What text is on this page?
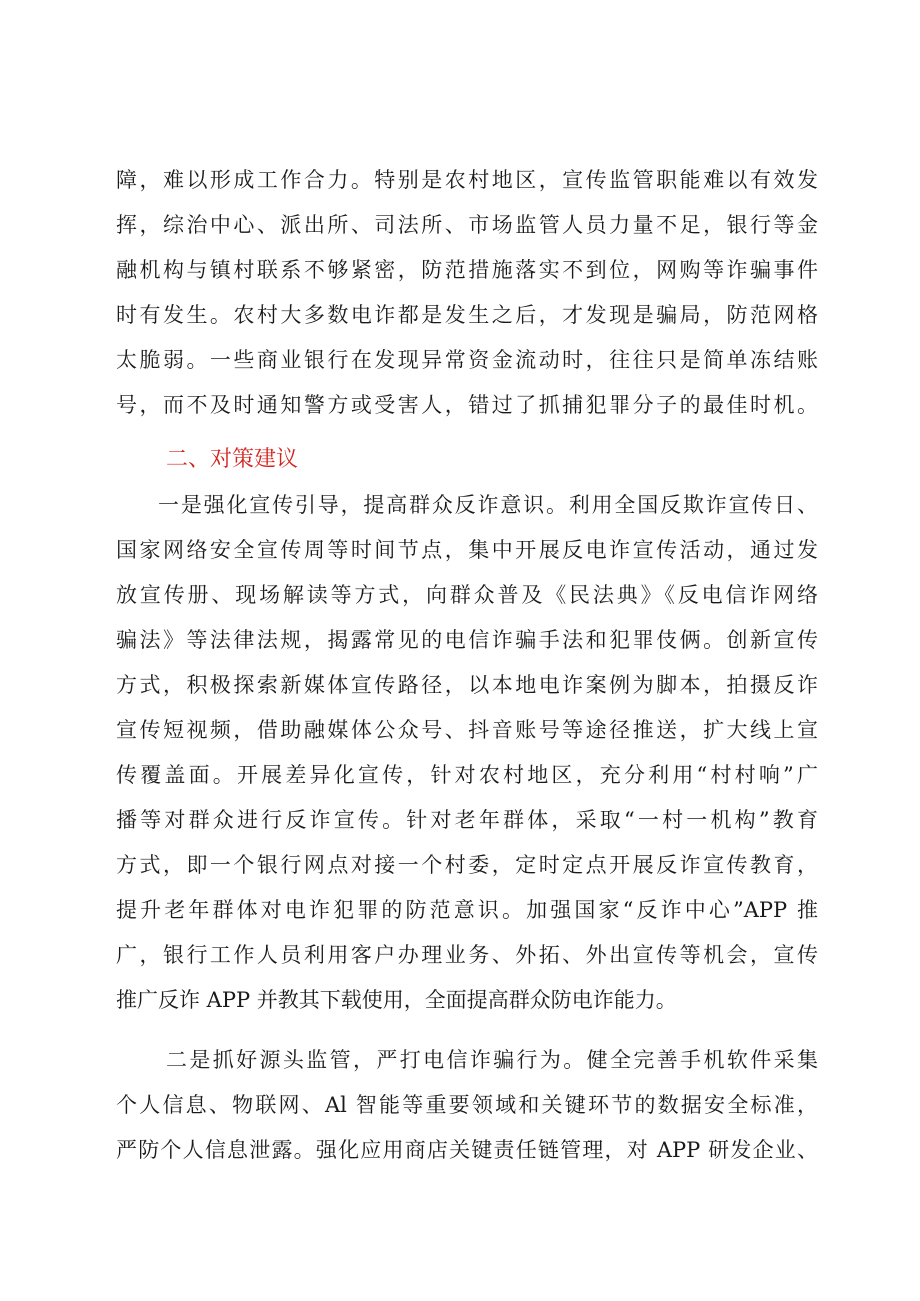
障，难以形成工作合力。特别是农村地区，宣传监管职能难以有效发
挥，综治中心、派出所、司法所、市场监管人员力量不足，银行等金
融机构与镇村联系不够紧密，防范措施落实不到位，网购等诈骗事件
时有发生。农村大多数电诈都是发生之后，才发现是骗局，防范网格
太脆弱。一些商业银行在发现异常资金流动时，往往只是简单冻结账
号，而不及时通知警方或受害人，错过了抓捕犯罪分子的最佳时机。
二、对策建议
一是强化宣传引导，提高群众反诈意识。利用全国反欺诈宣传日、
国家网络安全宣传周等时间节点，集中开展反电诈宣传活动，通过发
放宣传册、现场解读等方式，向群众普及《民法典》《反电信诈网络
骗法》等法律法规，揭露常见的电信诈骗手法和犯罪伎俩。创新宣传
方式，积极探索新媒体宣传路径，以本地电诈案例为脚本，拍摄反诈
宣传短视频，借助融媒体公众号、抖音账号等途径推送，扩大线上宣
传覆盖面。开展差异化宣传，针对农村地区，充分利用“村村响”广
播等对群众进行反诈宣传。针对老年群体，采取“一村一机构”教育
方式，即一个银行网点对接一个村委，定时定点开展反诈宣传教育，
提升老年群体对电诈犯罪的防范意识。加强国家“反诈中心”APP 推
广，银行工作人员利用客户办理业务、外拓、外出宣传等机会，宣传
推广反诈 APP 并教其下载使用，全面提高群众防电诈能力。
二是抓好源头监管，严打电信诈骗行为。健全完善手机软件采集
个人信息、物联网、Al 智能等重要领域和关键环节的数据安全标准，
严防个人信息泄露。强化应用商店关键责任链管理，对 APP 研发企业、
